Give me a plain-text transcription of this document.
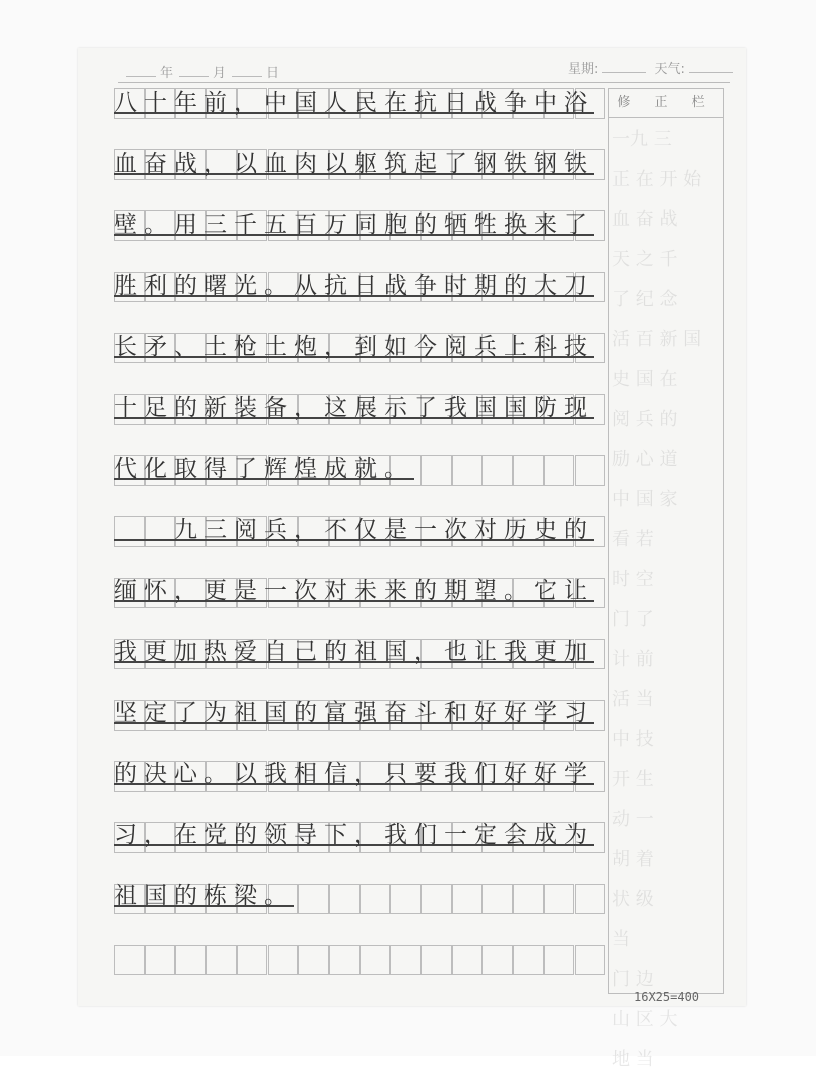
年	月	日	星期:	天气:
修 正 栏

山 区 大
地 当
八十年前，中国人民在抗日战争中浴
血奋战，以血肉以躯筑起了钢铁钢铁
壁。用三千五百万同胞的牺牲换来了
胜利的曙光。从抗日战争时期的大刀
长矛、土枪土炮，到如今阅兵上科技
十足的新装备，这展示了我国国防现
代化取得了辉煌成就。
　　九三阅兵，不仅是一次对历史的
缅怀，更是一次对未来的期望。它让
我更加热爱自己的祖国，也让我更加
坚定了为祖国的富强奋斗和好好学习
的决心。以我相信，只要我们好好学
习，在党的领导下，我们一定会成为
祖国的栋梁。
16X25=400
